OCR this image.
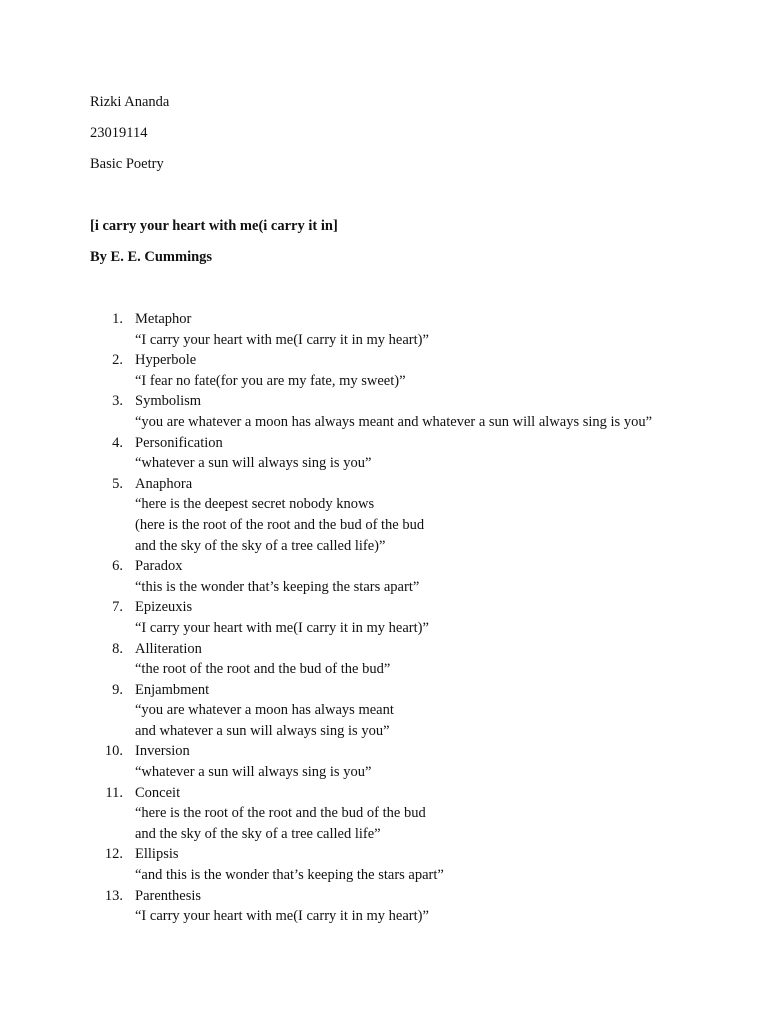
Rizki Ananda

23019114

Basic Poetry

[i carry your heart with me(i carry it in]

By E. E. Cummings

1. Metaphor
“I carry your heart with me(I carry it in my heart)”
2. Hyperbole
“I fear no fate(for you are my fate, my sweet)”
3. Symbolism
“you are whatever a moon has always meant and whatever a sun will always sing is you”
4. Personification
“whatever a sun will always sing is you”
5. Anaphora
“here is the deepest secret nobody knows
(here is the root of the root and the bud of the bud
and the sky of the sky of a tree called life)”
6. Paradox
“this is the wonder that’s keeping the stars apart”
7. Epizeuxis
“I carry your heart with me(I carry it in my heart)”
8. Alliteration
“the root of the root and the bud of the bud”
9. Enjambment
“you are whatever a moon has always meant
and whatever a sun will always sing is you”
10. Inversion
“whatever a sun will always sing is you”
11. Conceit
“here is the root of the root and the bud of the bud
and the sky of the sky of a tree called life”
12. Ellipsis
“and this is the wonder that’s keeping the stars apart”
13. Parenthesis
“I carry your heart with me(I carry it in my heart)”
